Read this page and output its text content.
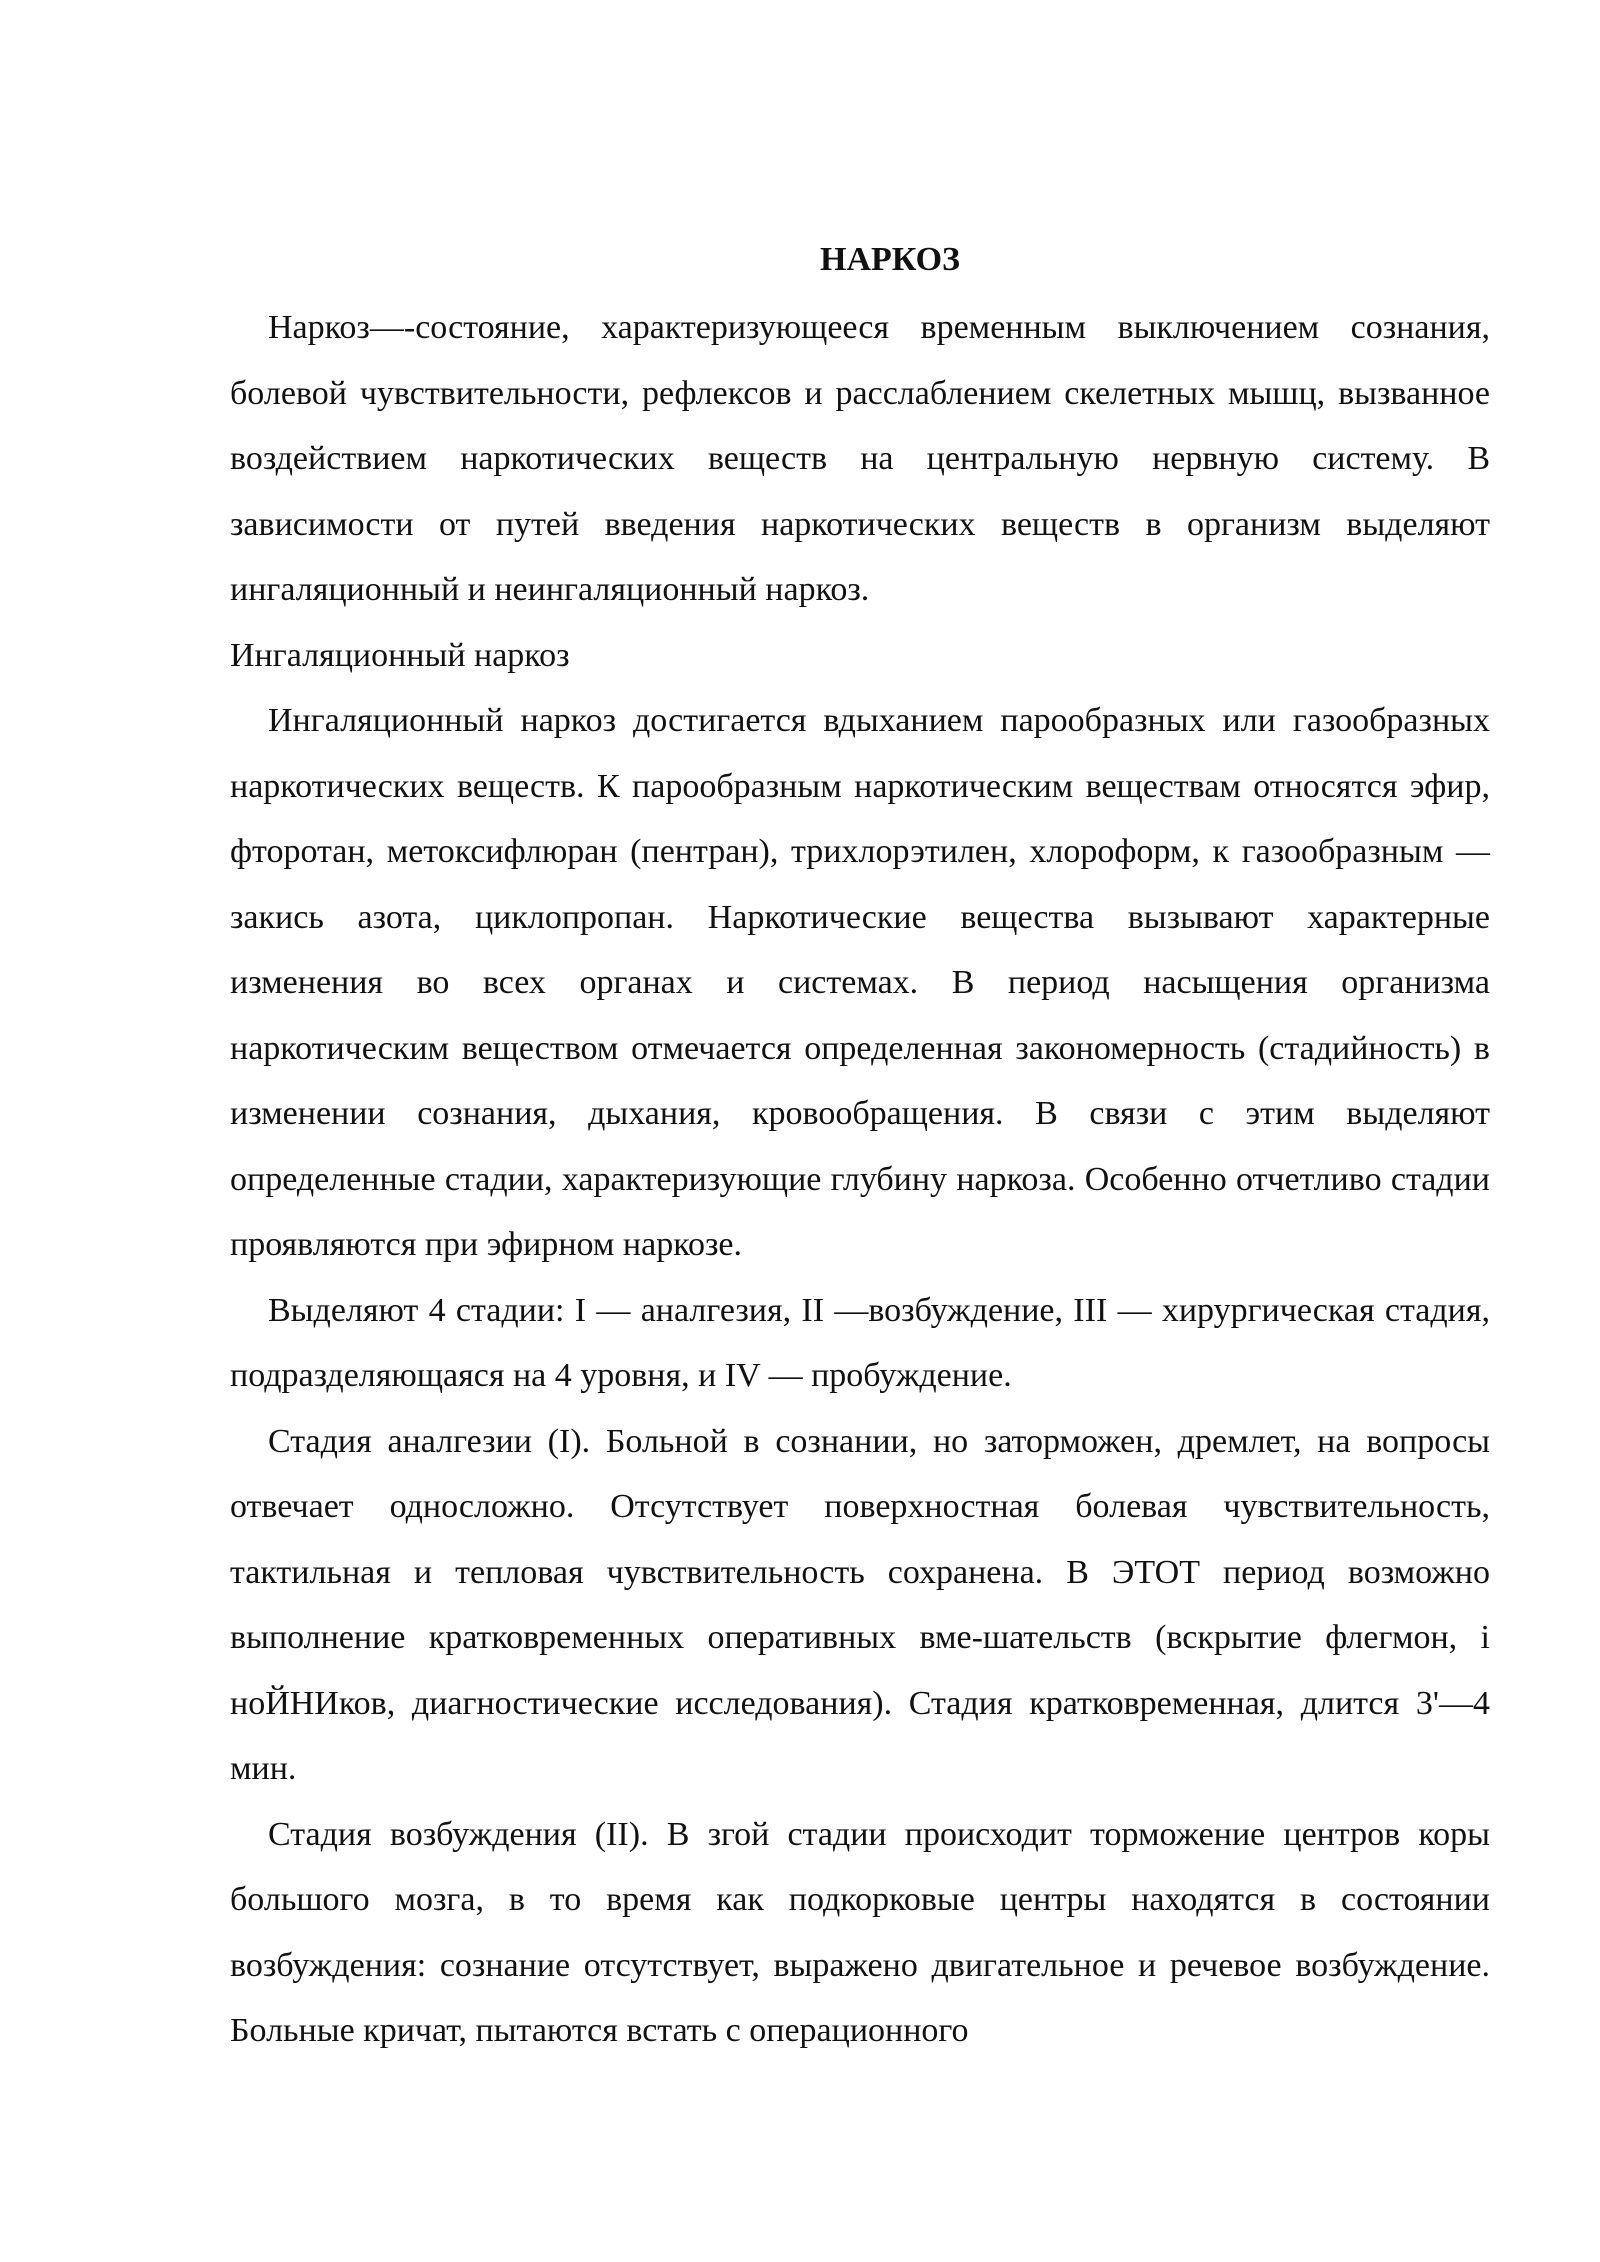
НАРКОЗ

Наркоз—-состояние, характеризующееся временным выключением сознания, болевой чувствительности, рефлексов и расслаблением скелетных мышц, вызванное воздействием наркотических веществ на центральную нервную систему. В зависимости от путей введения наркотических веществ в организм выделяют ингаляционный и неингаляционный наркоз.

Ингаляционный наркоз

Ингаляционный наркоз достигается вдыханием парообразных или газообразных наркотических веществ. К парообразным наркотическим веществам относятся эфир, фторотан, метоксифлюран (пентран), трихлорэтилен, хлороформ, к газообразным —закись азота, циклопропан. Наркотические вещества вызывают характерные изменения во всех органах и системах. В период насыщения организма наркотическим веществом отмечается определенная закономерность (стадийность) в изменении сознания, дыхания, кровообращения. В связи с этим выделяют определенные стадии, характеризующие глубину наркоза. Особенно отчетливо стадии проявляются при эфирном наркозе.

Выделяют 4 стадии: I — аналгезия, II —возбуждение, III — хирургическая стадия, подразделяющаяся на 4 уровня, и IV — пробуждение.

Стадия аналгезии (I). Больной в сознании, но заторможен, дремлет, на вопросы отвечает односложно. Отсутствует поверхностная болевая чувствительность, тактильная и тепловая чувствительность сохранена. В ЭТОТ период возможно выполнение кратковременных оперативных вме-шательств (вскрытие флегмон, і ноЙНИков, диагностические исследования). Стадия кратковременная, длится 3'—4 мин.

Стадия возбуждения (II). В згой стадии происходит торможение центров коры большого мозга, в то время как подкорковые центры находятся в состоянии возбуждения: сознание отсутствует, выражено двигательное и речевое возбуждение. Больные кричат, пытаются встать с операционного
